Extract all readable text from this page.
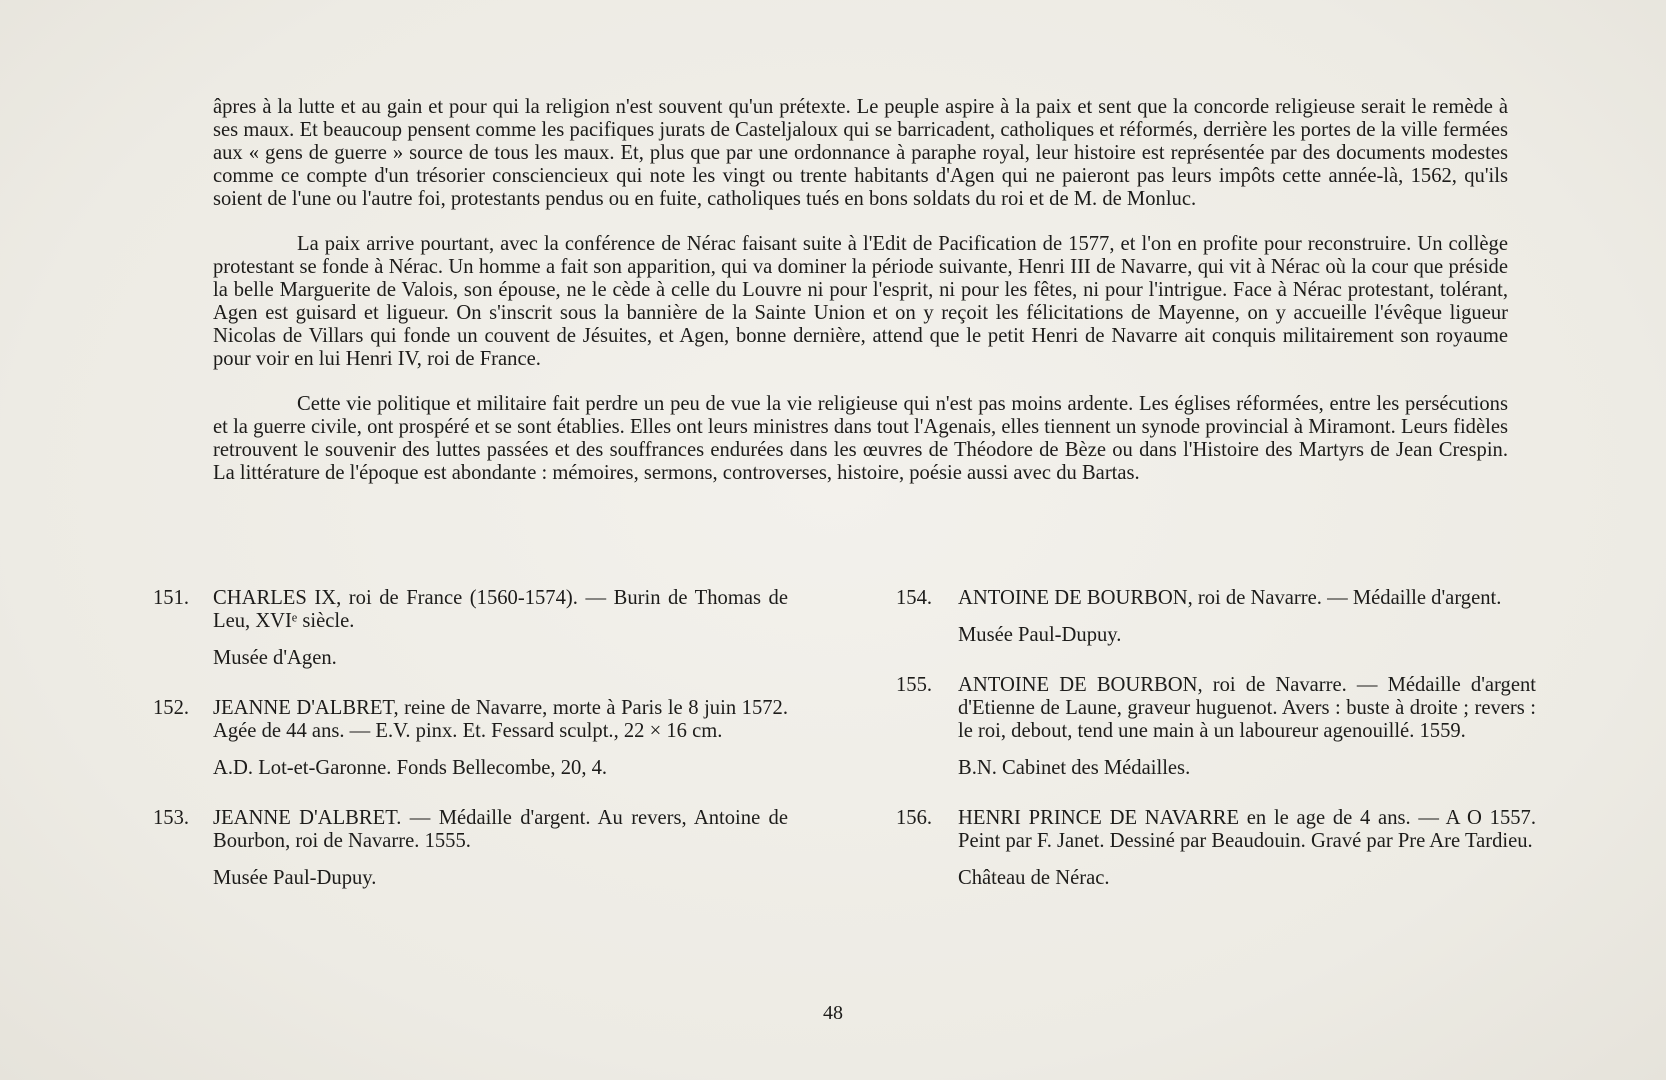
âpres à la lutte et au gain et pour qui la religion n'est souvent qu'un prétexte. Le peuple aspire à la paix et sent que la concorde religieuse serait le remède à ses maux. Et beaucoup pensent comme les pacifiques jurats de Casteljaloux qui se barricadent, catholiques et réformés, derrière les portes de la ville fermées aux « gens de guerre » source de tous les maux. Et, plus que par une ordonnance à paraphe royal, leur histoire est représentée par des documents modestes comme ce compte d'un trésorier consciencieux qui note les vingt ou trente habitants d'Agen qui ne paieront pas leurs impôts cette année-là, 1562, qu'ils soient de l'une ou l'autre foi, protestants pendus ou en fuite, catholiques tués en bons soldats du roi et de M. de Monluc.

La paix arrive pourtant, avec la conférence de Nérac faisant suite à l'Edit de Pacification de 1577, et l'on en profite pour reconstruire. Un collège protestant se fonde à Nérac. Un homme a fait son apparition, qui va dominer la période suivante, Henri III de Navarre, qui vit à Nérac où la cour que préside la belle Marguerite de Valois, son épouse, ne le cède à celle du Louvre ni pour l'esprit, ni pour les fêtes, ni pour l'intrigue. Face à Nérac protestant, tolérant, Agen est guisard et ligueur. On s'inscrit sous la bannière de la Sainte Union et on y reçoit les félicitations de Mayenne, on y accueille l'évêque ligueur Nicolas de Villars qui fonde un couvent de Jésuites, et Agen, bonne dernière, attend que le petit Henri de Navarre ait conquis militairement son royaume pour voir en lui Henri IV, roi de France.

Cette vie politique et militaire fait perdre un peu de vue la vie religieuse qui n'est pas moins ardente. Les églises réformées, entre les persécutions et la guerre civile, ont prospéré et se sont établies. Elles ont leurs ministres dans tout l'Agenais, elles tiennent un synode provincial à Miramont. Leurs fidèles retrouvent le souvenir des luttes passées et des souffrances endurées dans les œuvres de Théodore de Bèze ou dans l'Histoire des Martyrs de Jean Crespin. La littérature de l'époque est abondante : mémoires, sermons, controverses, histoire, poésie aussi avec du Bartas.

151.	CHARLES IX, roi de France (1560-1574). — Burin de Thomas de Leu, XVIᵉ siècle.

Musée d'Agen.

152.	JEANNE D'ALBRET, reine de Navarre, morte à Paris le 8 juin 1572. Agée de 44 ans. — E.V. pinx. Et. Fessard sculpt., 22 × 16 cm.

A.D. Lot-et-Garonne. Fonds Bellecombe, 20, 4.

153.	JEANNE D'ALBRET. — Médaille d'argent. Au revers, Antoine de Bourbon, roi de Navarre. 1555.

Musée Paul-Dupuy.

154.	ANTOINE DE BOURBON, roi de Navarre. — Médaille d'argent.

Musée Paul-Dupuy.

155.	ANTOINE DE BOURBON, roi de Navarre. — Médaille d'argent d'Etienne de Laune, graveur huguenot. Avers : buste à droite ; revers : le roi, debout, tend une main à un laboureur agenouillé. 1559.

B.N. Cabinet des Médailles.

156.	HENRI PRINCE DE NAVARRE en le age de 4 ans. — A O 1557. Peint par F. Janet. Dessiné par Beaudouin. Gravé par Pre Are Tardieu.

Château de Nérac.

48
